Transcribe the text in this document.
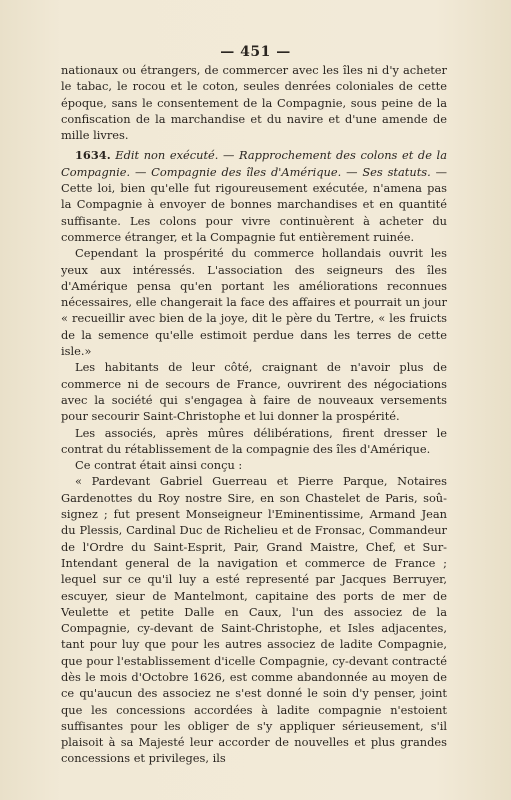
— 451 —

nationaux ou étrangers, de commercer avec les îles ni d'y acheter le tabac, le rocou et le coton, seules denrées coloniales de cette époque, sans le consentement de la Compagnie, sous peine de la confiscation de la marchandise et du navire et d'une amende de mille livres.

1634. Edit non exécuté. — Rapprochement des colons et de la Compagnie. — Compagnie des îles d'Amérique. — Ses statuts. — Cette loi, bien qu'elle fut rigoureusement exécutée, n'amena pas la Compagnie à envoyer de bonnes marchandises et en quantité suffisante. Les colons pour vivre continuèrent à acheter du commerce étranger, et la Compagnie fut entièrement ruinée.

Cependant la prospérité du commerce hollandais ouvrit les yeux aux intéressés. L'association des seigneurs des îles d'Amérique pensa qu'en portant les améliorations reconnues nécessaires, elle changerait la face des affaires et pourrait un jour « recueillir avec bien de la joye, dit le père du Tertre, « les fruicts de la semence qu'elle estimoit perdue dans les terres de cette isle.»

Les habitants de leur côté, craignant de n'avoir plus de commerce ni de secours de France, ouvrirent des négociations avec la société qui s'engagea à faire de nouveaux versements pour secourir Saint-Christophe et lui donner la prospérité.

Les associés, après mûres délibérations, firent dresser le contrat du rétablissement de la compagnie des îles d'Amérique.

Ce contrat était ainsi conçu :

« Pardevant Gabriel Guerreau et Pierre Parque, Notaires Gardenottes du Roy nostre Sire, en son Chastelet de Paris, soû-signez ; fut present Monseigneur l'Eminentissime, Armand Jean du Plessis, Cardinal Duc de Richelieu et de Fronsac, Commandeur de l'Ordre du Saint-Esprit, Pair, Grand Maistre, Chef, et Sur-Intendant general de la navigation et commerce de France ; lequel sur ce qu'il luy a esté representé par Jacques Berruyer, escuyer, sieur de Mantelmont, capitaine des ports de mer de Veulette et petite Dalle en Caux, l'un des associez de la Compagnie, cy-devant de Saint-Christophe, et Isles adjacentes, tant pour luy que pour les autres associez de ladite Compagnie, que pour l'establissement d'icelle Compagnie, cy-devant contracté dès le mois d'Octobre 1626, est comme abandonnée au moyen de ce qu'aucun des associez ne s'est donné le soin d'y penser, joint que les concessions accordées à ladite compagnie n'estoient suffisantes pour les obliger de s'y appliquer sérieusement, s'il plaisoit à sa Majesté leur accorder de nouvelles et plus grandes concessions et privileges, ils
